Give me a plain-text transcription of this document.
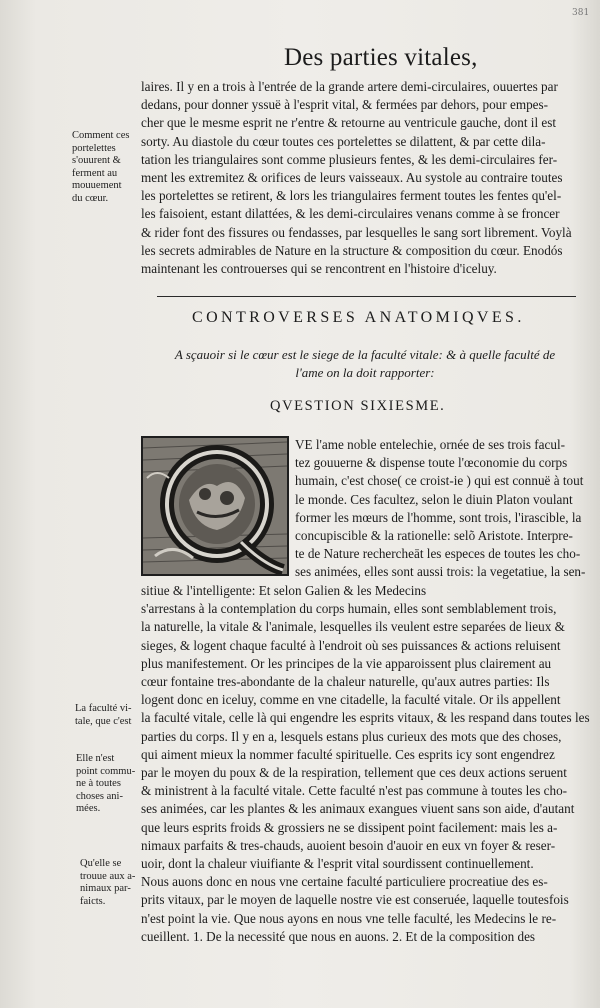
381
Des parties vitales,
laires. Il y en a trois à l'entrée de la grande artere demi-circulaires, ouuertes par
dedans, pour donner yssuë à l'esprit vital, & fermées par dehors, pour empes-
cher que le mesme esprit ne r'entre & retourne au ventricule gauche, dont il est
sorty. Au diastole du cœur toutes ces portelettes se dilattent, & par cette dila-
tation les triangulaires sont comme plusieurs fentes, & les demi-circulaires fer-
ment les extremitez & orifices de leurs vaisseaux. Au systole au contraire toutes
les portelettes se retirent, & lors les triangulaires ferment toutes les fentes qu'el-
les faisoient, estant dilattées, & les demi-circulaires venans comme à se froncer
& rider font des fissures ou fendasses, par lesquelles le sang sort librement. Voylà
les secrets admirables de Nature en la structure & composition du cœur. Enodós
maintenant les controuerses qui se rencontrent en l'histoire d'iceluy.
Comment ces
portelettes
s'ouurent &
ferment au
mouuement
du cœur.
CONTROVERSES ANATOMIQVES.
A sçauoir si le cœur est le siege de la faculté vitale: & à quelle faculté de
l'ame on la doit rapporter:
QVESTION SIXIESME.
VE l'ame noble entelechie, ornée de ses trois facul-
tez gouuerne & dispense toute l'œconomie du corps
humain, c'est chose( ce croist-ie ) qui est connuë à tout
le monde. Ces facultez, selon le diuin Platon voulant
former les mœurs de l'homme, sont trois, l'irascible, la
concupiscible & la rationelle: selõ Aristote. Interpre-
te de Nature rechercheāt les especes de toutes les cho-
ses animées, elles sont aussi trois: la vegetatiue, la sen-
sitiue & l'intelligente: Et selon Galien & les Medecins
s'arrestans à la contemplation du corps humain, elles sont semblablement trois,
la naturelle, la vitale & l'animale, lesquelles ils veulent estre separées de lieux &
sieges, & logent chaque faculté à l'endroit où ses puissances & actions reluisent
plus manifestement. Or les principes de la vie apparoissent plus clairement au
cœur fontaine tres-abondante de la chaleur naturelle, qu'aux autres parties: Ils
logent donc en iceluy, comme en vne citadelle, la faculté vitale. Or ils appellent
la faculté vitale, celle là qui engendre les esprits vitaux, & les respand dans toutes les
parties du corps. Il y en a, lesquels estans plus curieux des mots que des choses,
qui aiment mieux la nommer faculté spirituelle. Ces esprits icy sont engendrez
par le moyen du poux & de la respiration, tellement que ces deux actions seruent
& ministrent à la faculté vitale. Cette faculté n'est pas commune à toutes les cho-
ses animées, car les plantes & les animaux exangues viuent sans son aide, d'autant
que leurs esprits froids & grossiers ne se dissipent point facilement: mais les a-
nimaux parfaits & tres-chauds, auoient besoin d'auoir en eux vn foyer & reser-
uoir, dont la chaleur viuifiante & l'esprit vital sourdissent continuellement.
Nous auons donc en nous vne certaine faculté particuliere procreatiue des es-
prits vitaux, par le moyen de laquelle nostre vie est conseruée, laquelle toutesfois
n'est point la vie. Que nous ayons en nous vne telle faculté, les Medecins le re-
cueillent. 1. De la necessité que nous en auons. 2. Et de la composition des
La faculté vi-
tale, que c'est
Elle n'est
point commu-
ne à toutes
choses ani-
mées.
Qu'elle se
trouue aux a-
nimaux par-
faicts.
